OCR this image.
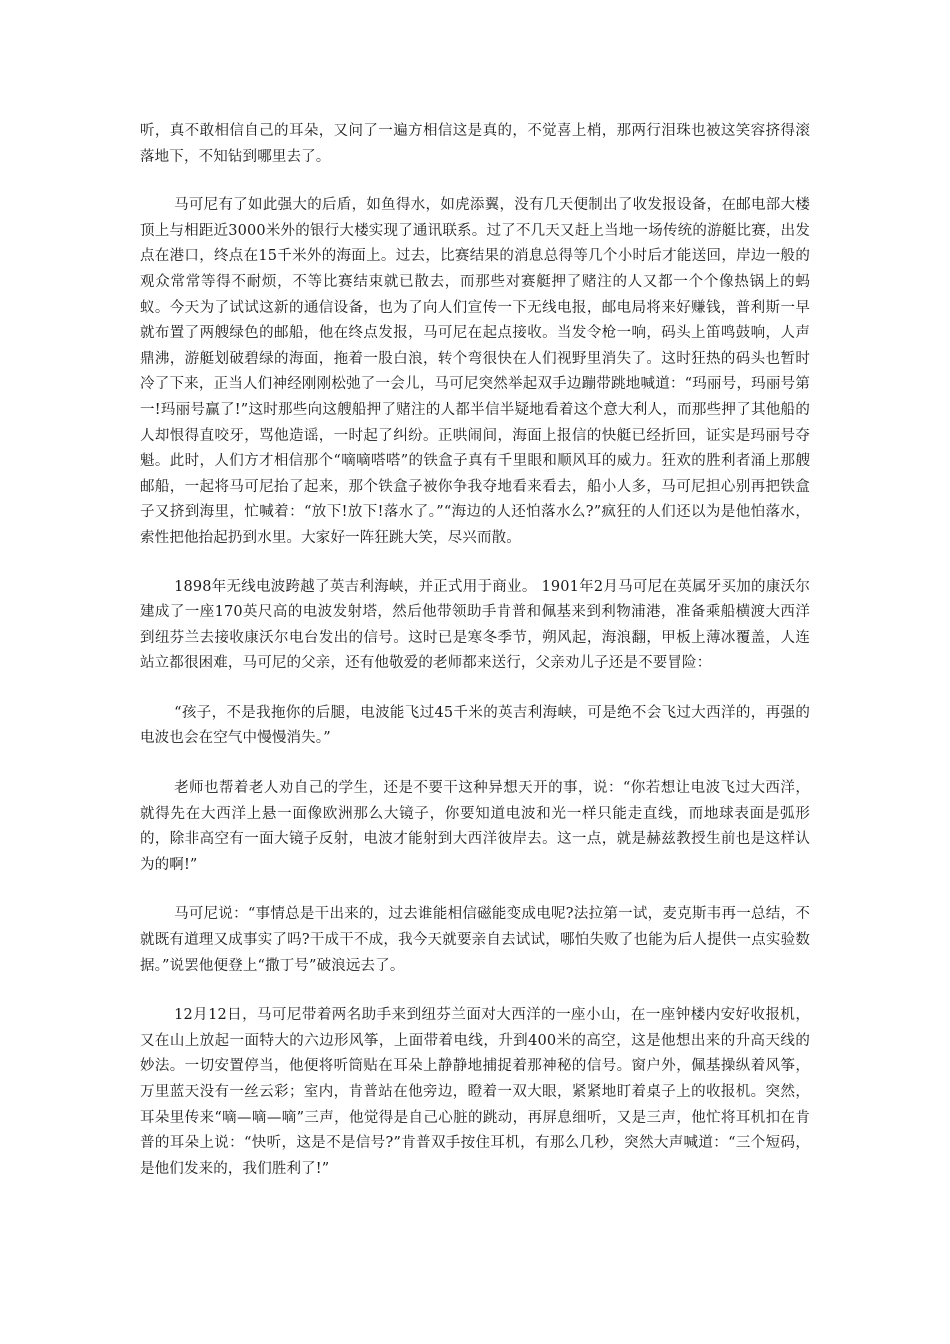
听，真不敢相信自己的耳朵，又问了一遍方相信这是真的，不觉喜上梢，那两行泪珠也被这笑容挤得滚落地下，不知钻到哪里去了。

马可尼有了如此强大的后盾，如鱼得水，如虎添翼，没有几天便制出了收发报设备，在邮电部大楼顶上与相距近3000米外的银行大楼实现了通讯联系。过了不几天又赶上当地一场传统的游艇比赛，出发点在港口，终点在15千米外的海面上。过去，比赛结果的消息总得等几个小时后才能送回，岸边一般的观众常常等得不耐烦，不等比赛结束就已散去，而那些对赛艇押了赌注的人又都一个个像热锅上的蚂蚁。今天为了试试这新的通信设备，也为了向人们宣传一下无线电报，邮电局将来好赚钱，普利斯一早就布置了两艘绿色的邮船，他在终点发报，马可尼在起点接收。当发令枪一响，码头上笛鸣鼓响，人声鼎沸，游艇划破碧绿的海面，拖着一股白浪，转个弯很快在人们视野里消失了。这时狂热的码头也暂时冷了下来，正当人们神经刚刚松弛了一会儿，马可尼突然举起双手边蹦带跳地喊道：“玛丽号，玛丽号第一!玛丽号赢了!”这时那些向这艘船押了赌注的人都半信半疑地看着这个意大利人，而那些押了其他船的人却恨得直咬牙，骂他造谣，一时起了纠纷。正哄闹间，海面上报信的快艇已经折回，证实是玛丽号夺魁。此时，人们方才相信那个“嘀嘀嗒嗒”的铁盒子真有千里眼和顺风耳的威力。狂欢的胜利者涌上那艘邮船，一起将马可尼抬了起来，那个铁盒子被你争我夺地看来看去，船小人多，马可尼担心别再把铁盒子又挤到海里，忙喊着：“放下!放下!落水了。”“海边的人还怕落水么?”疯狂的人们还以为是他怕落水，索性把他抬起扔到水里。大家好一阵狂跳大笑，尽兴而散。

1898年无线电波跨越了英吉利海峡，并正式用于商业。 1901年2月马可尼在英属牙买加的康沃尔建成了一座170英尺高的电波发射塔，然后他带领助手肯普和佩基来到利物浦港，准备乘船横渡大西洋到纽芬兰去接收康沃尔电台发出的信号。这时已是寒冬季节，朔风起，海浪翻，甲板上薄冰覆盖，人连站立都很困难，马可尼的父亲，还有他敬爱的老师都来送行，父亲劝儿子还是不要冒险：

“孩子，不是我拖你的后腿，电波能飞过45千米的英吉利海峡，可是绝不会飞过大西洋的，再强的电波也会在空气中慢慢消失。”

老师也帮着老人劝自己的学生，还是不要干这种异想天开的事，说：“你若想让电波飞过大西洋，就得先在大西洋上悬一面像欧洲那么大镜子，你要知道电波和光一样只能走直线，而地球表面是弧形的，除非高空有一面大镜子反射，电波才能射到大西洋彼岸去。这一点，就是赫兹教授生前也是这样认为的啊!”

马可尼说：“事情总是干出来的，过去谁能相信磁能变成电呢?法拉第一试，麦克斯韦再一总结，不就既有道理又成事实了吗?干成干不成，我今天就要亲自去试试，哪怕失败了也能为后人提供一点实验数据。”说罢他便登上“撒丁号”破浪远去了。

12月12日，马可尼带着两名助手来到纽芬兰面对大西洋的一座小山，在一座钟楼内安好收报机，又在山上放起一面特大的六边形风筝，上面带着电线，升到400米的高空，这是他想出来的升高天线的妙法。一切安置停当，他便将听筒贴在耳朵上静静地捕捉着那神秘的信号。窗户外，佩基操纵着风筝，万里蓝天没有一丝云彩；室内，肯普站在他旁边，瞪着一双大眼，紧紧地盯着桌子上的收报机。突然，耳朵里传来“嘀—嘀—嘀”三声，他觉得是自己心脏的跳动，再屏息细听，又是三声，他忙将耳机扣在肯普的耳朵上说：“快听，这是不是信号?”肯普双手按住耳机，有那么几秒，突然大声喊道：“三个短码，是他们发来的，我们胜利了!”
